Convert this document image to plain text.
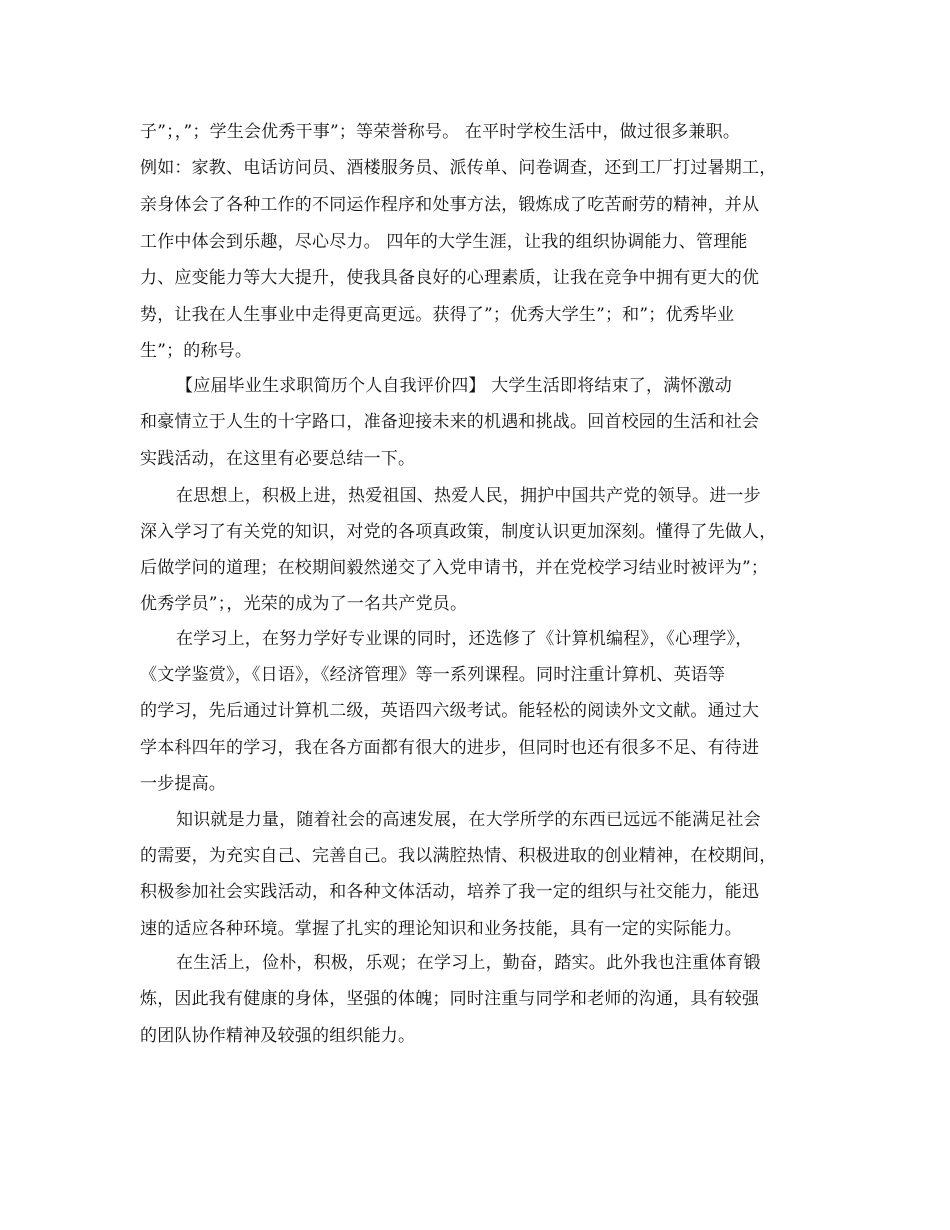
子”；，”；学生会优秀干事”；等荣誉称号。 在平时学校生活中，做过很多兼职。
例如：家教、电话访问员、酒楼服务员、派传单、问卷调查，还到工厂打过暑期工，
亲身体会了各种工作的不同运作程序和处事方法，锻炼成了吃苦耐劳的精神，并从
工作中体会到乐趣，尽心尽力。 四年的大学生涯，让我的组织协调能力、管理能
力、应变能力等大大提升，使我具备良好的心理素质，让我在竞争中拥有更大的优
势，让我在人生事业中走得更高更远。获得了”；优秀大学生”；和”；优秀毕业
生”；的称号。
【应届毕业生求职简历个人自我评价四】 大学生活即将结束了，满怀激动
和豪情立于人生的十字路口，准备迎接未来的机遇和挑战。回首校园的生活和社会
实践活动，在这里有必要总结一下。
在思想上，积极上进，热爱祖国、热爱人民，拥护中国共产党的领导。进一步
深入学习了有关党的知识，对党的各项真政策，制度认识更加深刻。懂得了先做人，
后做学问的道理；在校期间毅然递交了入党申请书，并在党校学习结业时被评为”；
优秀学员”；，光荣的成为了一名共产党员。
在学习上，在努力学好专业课的同时，还选修了《计算机编程》，《心理学》，
《文学鉴赏》，《日语》，《经济管理》等一系列课程。同时注重计算机、英语等
的学习，先后通过计算机二级，英语四六级考试。能轻松的阅读外文文献。通过大
学本科四年的学习，我在各方面都有很大的进步，但同时也还有很多不足、有待进
一步提高。
知识就是力量，随着社会的高速发展，在大学所学的东西已远远不能满足社会
的需要，为充实自己、完善自己。我以满腔热情、积极进取的创业精神，在校期间，
积极参加社会实践活动，和各种文体活动，培养了我一定的组织与社交能力，能迅
速的适应各种环境。掌握了扎实的理论知识和业务技能，具有一定的实际能力。
在生活上，俭朴，积极，乐观；在学习上，勤奋，踏实。此外我也注重体育锻
炼，因此我有健康的身体，坚强的体魄；同时注重与同学和老师的沟通，具有较强
的团队协作精神及较强的组织能力。
